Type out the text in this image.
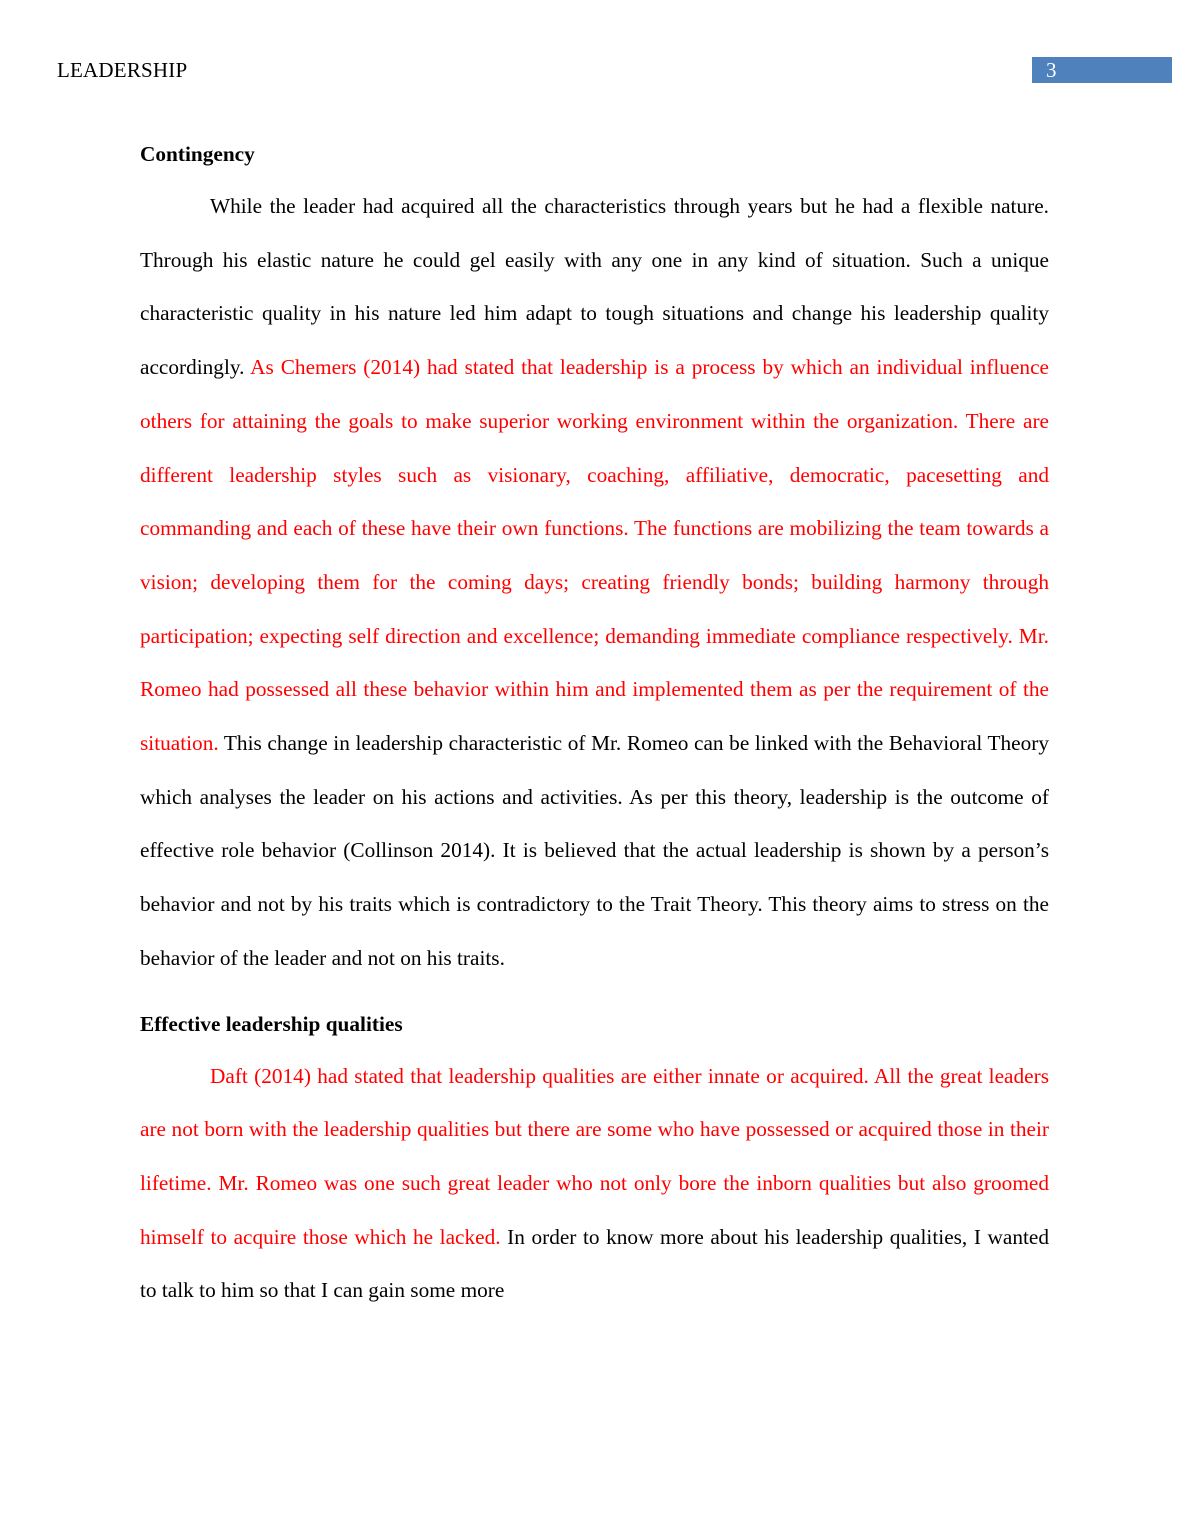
LEADERSHIP	3

Contingency

While the leader had acquired all the characteristics through years but he had a flexible nature. Through his elastic nature he could gel easily with any one in any kind of situation. Such a unique characteristic quality in his nature led him adapt to tough situations and change his leadership quality accordingly. As Chemers (2014) had stated that leadership is a process by which an individual influence others for attaining the goals to make superior working environment within the organization. There are different leadership styles such as visionary, coaching, affiliative, democratic, pacesetting and commanding and each of these have their own functions. The functions are mobilizing the team towards a vision; developing them for the coming days; creating friendly bonds; building harmony through participation; expecting self direction and excellence; demanding immediate compliance respectively. Mr. Romeo had possessed all these behavior within him and implemented them as per the requirement of the situation. This change in leadership characteristic of Mr. Romeo can be linked with the Behavioral Theory which analyses the leader on his actions and activities. As per this theory, leadership is the outcome of effective role behavior (Collinson 2014). It is believed that the actual leadership is shown by a person’s behavior and not by his traits which is contradictory to the Trait Theory. This theory aims to stress on the behavior of the leader and not on his traits.

Effective leadership qualities

Daft (2014) had stated that leadership qualities are either innate or acquired. All the great leaders are not born with the leadership qualities but there are some who have possessed or acquired those in their lifetime. Mr. Romeo was one such great leader who not only bore the inborn qualities but also groomed himself to acquire those which he lacked. In order to know more about his leadership qualities, I wanted to talk to him so that I can gain some more
